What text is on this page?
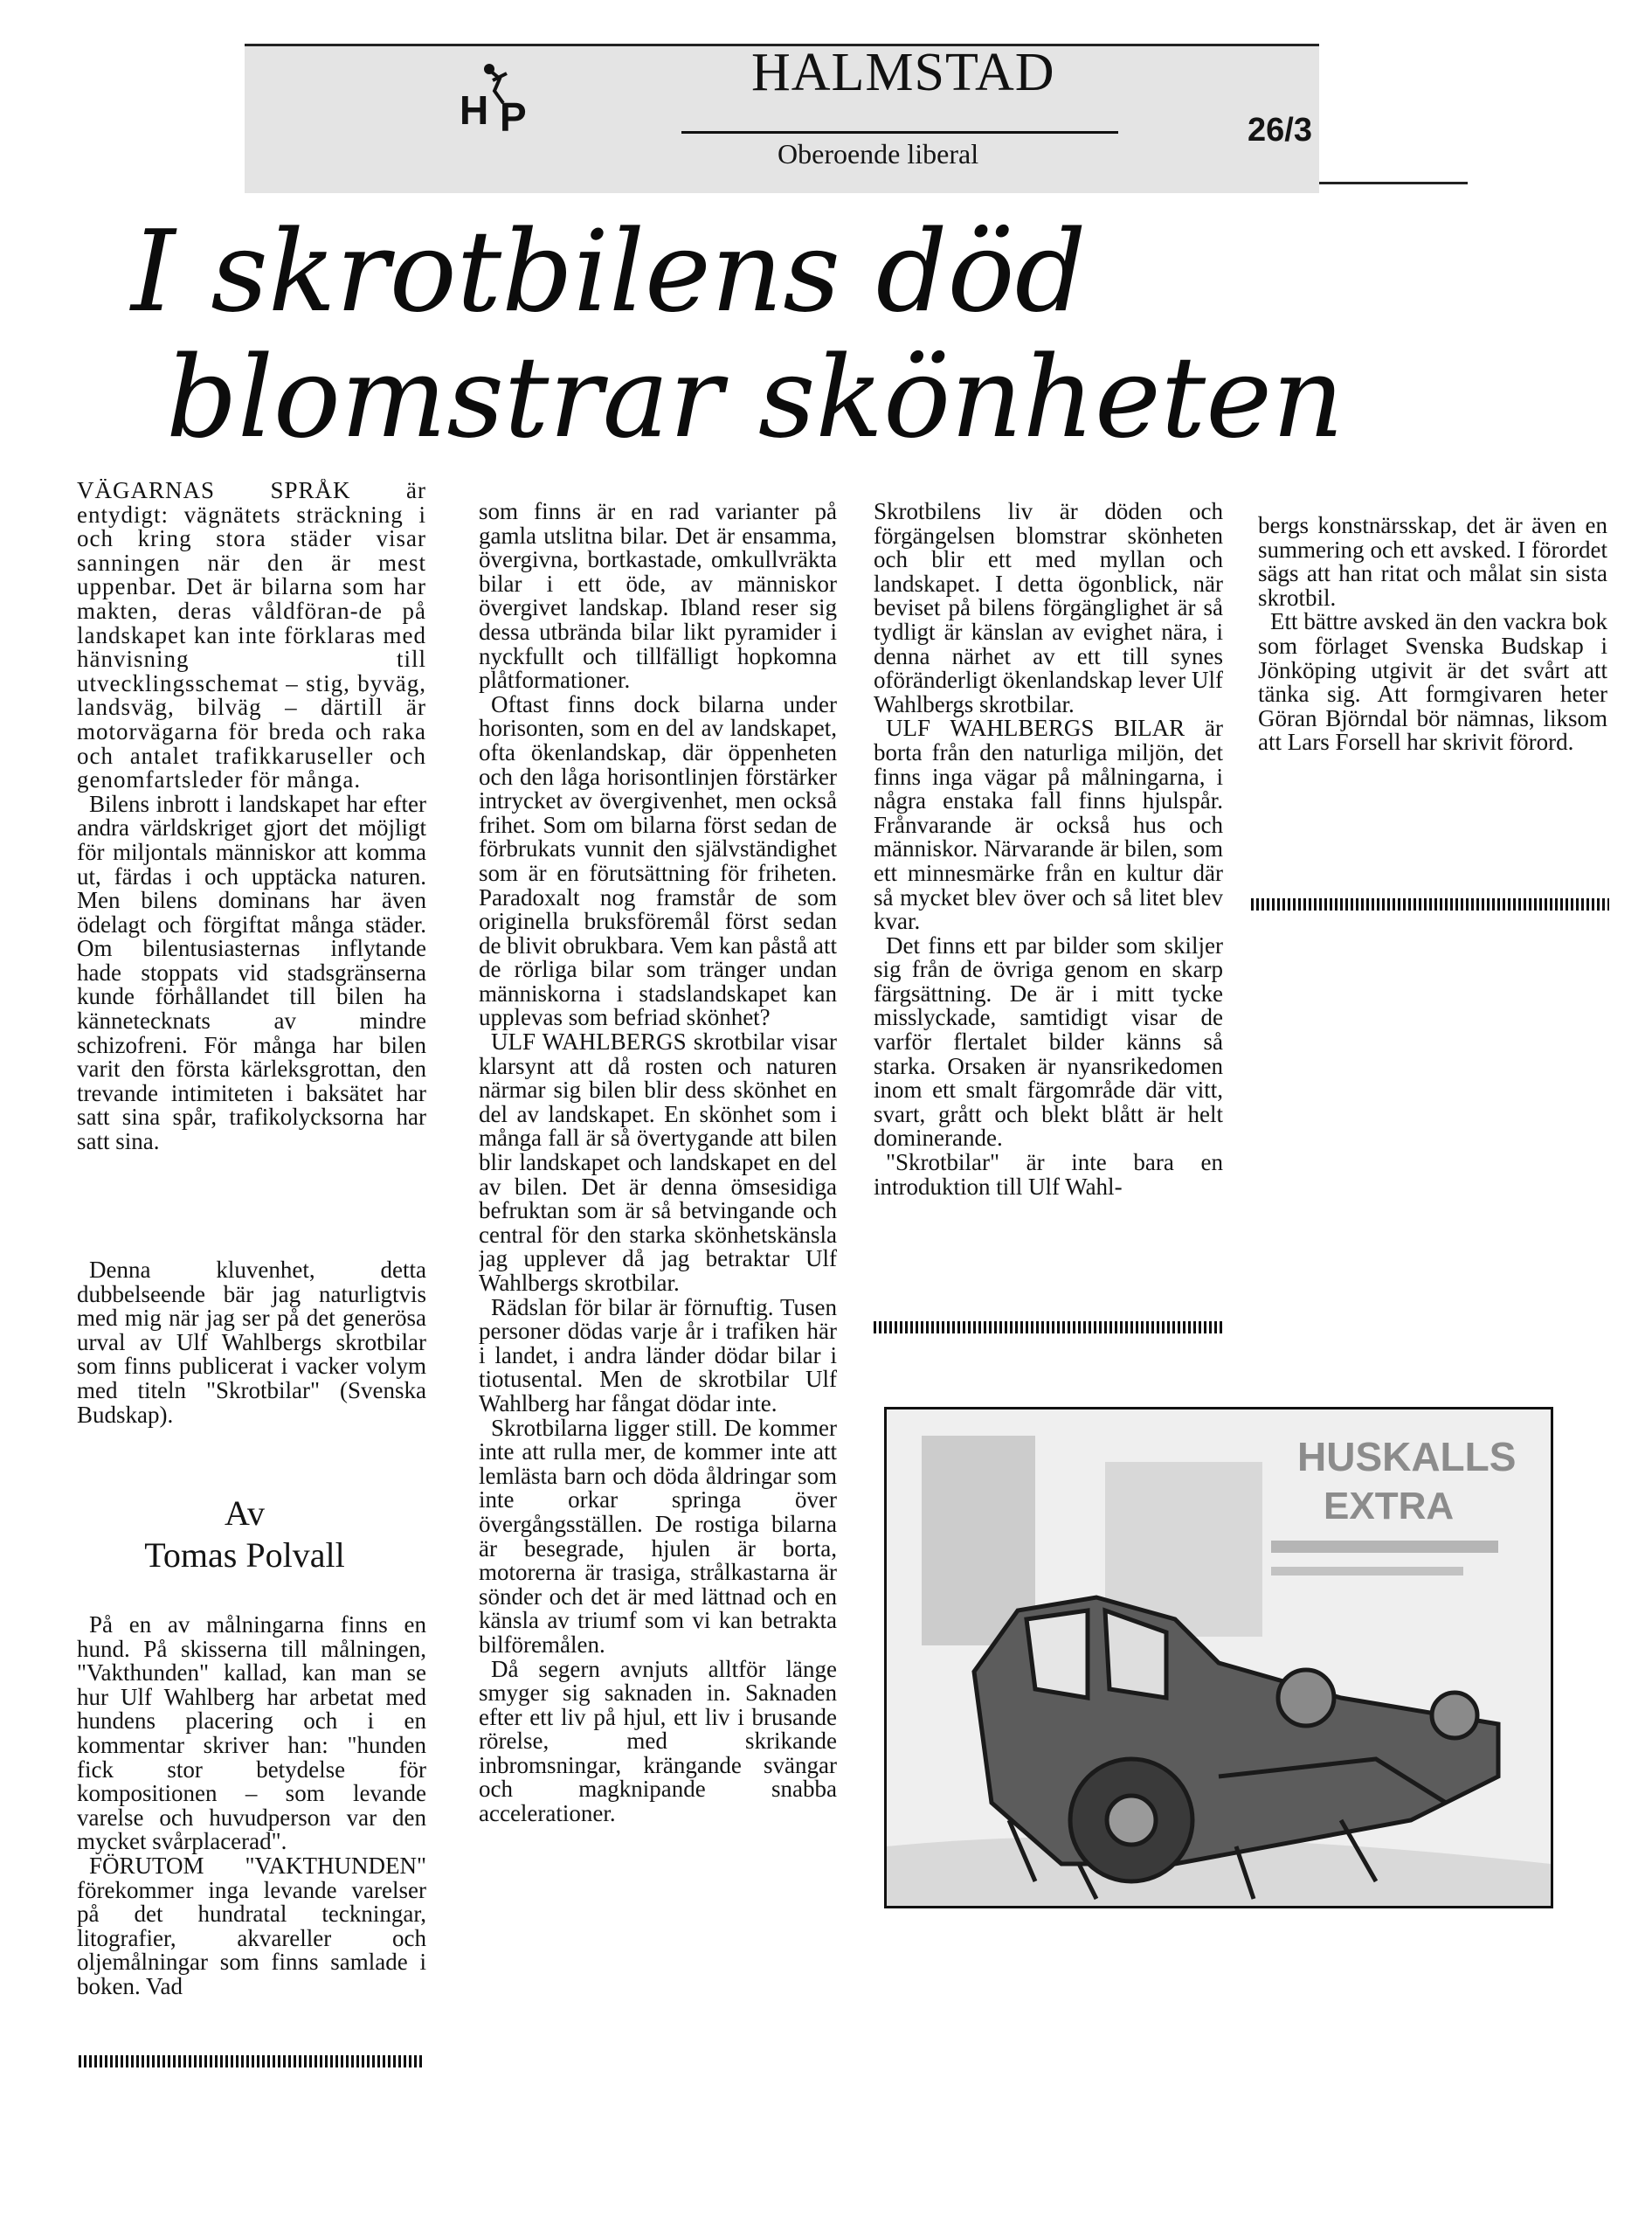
H P
HALMSTAD
Oberoende liberal
26/3
I skrotbilens död
blomstrar skönheten

VÄGARNAS SPRÅK är entydigt: vägnätets sträckning i och kring stora städer visar sanningen när den är mest uppenbar. Det är bilarna som har makten, deras våldföran-de på landskapet kan inte förklaras med hänvisning till utvecklingsschemat – stig, byväg, landsväg, bilväg – därtill är motorvägarna för breda och raka och antalet trafikkaruseller och genomfartsleder för många.

Bilens inbrott i landskapet har efter andra världskriget gjort det möjligt för miljontals människor att komma ut, färdas i och upptäcka naturen. Men bilens dominans har även ödelagt och förgiftat många städer. Om bilentusiasternas inflytande hade stoppats vid stadsgränserna kunde förhållandet till bilen ha kännetecknats av mindre schizofreni. För många har bilen varit den första kärleksgrottan, den trevande intimiteten i baksätet har satt sina spår, trafikolycksorna har satt sina.

Denna kluvenhet, detta dubbelseende bär jag naturligtvis med mig när jag ser på det generösa urval av Ulf Wahlbergs skrotbilar som finns publicerat i vacker volym med titeln "Skrotbilar" (Svenska Budskap).

Av
Tomas Polvall

På en av målningarna finns en hund. På skisserna till målningen, "Vakthunden" kallad, kan man se hur Ulf Wahlberg har arbetat med hundens placering och i en kommentar skriver han: "hunden fick stor betydelse för kompositionen – som levande varelse och huvudperson var den mycket svårplacerad".

FÖRUTOM "VAKTHUNDEN" förekommer inga levande varelser på det hundratal teckningar, litografier, akvareller och oljemålningar som finns samlade i boken. Vad

som finns är en rad varianter på gamla utslitna bilar. Det är ensamma, övergivna, bortkastade, omkullvräkta bilar i ett öde, av människor övergivet landskap. Ibland reser sig dessa utbrända bilar likt pyramider i nyckfullt och tillfälligt hopkomna plåtformationer.

Oftast finns dock bilarna under horisonten, som en del av landskapet, ofta ökenlandskap, där öppenheten och den låga horisontlinjen förstärker intrycket av övergivenhet, men också frihet. Som om bilarna först sedan de förbrukats vunnit den självständighet som är en förutsättning för friheten. Paradoxalt nog framstår de som originella bruksföremål först sedan de blivit obrukbara. Vem kan påstå att de rörliga bilar som tränger undan människorna i stadslandskapet kan upplevas som befriad skönhet?

ULF WAHLBERGS skrotbilar visar klarsynt att då rosten och naturen närmar sig bilen blir dess skönhet en del av landskapet. En skönhet som i många fall är så övertygande att bilen blir landskapet och landskapet en del av bilen. Det är denna ömsesidiga befruktan som är så betvingande och central för den starka skönhetskänsla jag upplever då jag betraktar Ulf Wahlbergs skrotbilar.

Rädslan för bilar är förnuftig. Tusen personer dödas varje år i trafiken här i landet, i andra länder dödar bilar i tiotusental. Men de skrotbilar Ulf Wahlberg har fångat dödar inte.

Skrotbilarna ligger still. De kommer inte att rulla mer, de kommer inte att lemlästa barn och döda åldringar som inte orkar springa över övergångsställen. De rostiga bilarna är besegrade, hjulen är borta, motorerna är trasiga, strålkastarna är sönder och det är med lättnad och en känsla av triumf som vi kan betrakta bilföremålen.

Då segern avnjuts alltför länge smyger sig saknaden in. Saknaden efter ett liv på hjul, ett liv i brusande rörelse, med skrikande inbromsningar, krängande svängar och magknipande snabba accelerationer.

Skrotbilens liv är döden och förgängelsen blomstrar skönheten och blir ett med myllan och landskapet. I detta ögonblick, när beviset på bilens förgänglighet är så tydligt är känslan av evighet nära, i denna närhet av ett till synes oföränderligt ökenlandskap lever Ulf Wahlbergs skrotbilar.

ULF WAHLBERGS BILAR är borta från den naturliga miljön, det finns inga vägar på målningarna, i några enstaka fall finns hjulspår. Frånvarande är också hus och människor. Närvarande är bilen, som ett minnesmärke från en kultur där så mycket blev över och så litet blev kvar.

Det finns ett par bilder som skiljer sig från de övriga genom en skarp färgsättning. De är i mitt tycke misslyckade, samtidigt visar de varför flertalet bilder känns så starka. Orsaken är nyansrikedomen inom ett smalt färgområde där vitt, svart, grått och blekt blått är helt dominerande.

"Skrotbilar" är inte bara en introduktion till Ulf Wahl-

bergs konstnärsskap, det är även en summering och ett avsked. I förordet sägs att han ritat och målat sin sista skrotbil.

Ett bättre avsked än den vackra bok som förlaget Svenska Budskap i Jönköping utgivit är det svårt att tänka sig. Att formgivaren heter Göran Björndal bör nämnas, liksom att Lars Forsell har skrivit förord.

HUSKALLS
EXTRA
